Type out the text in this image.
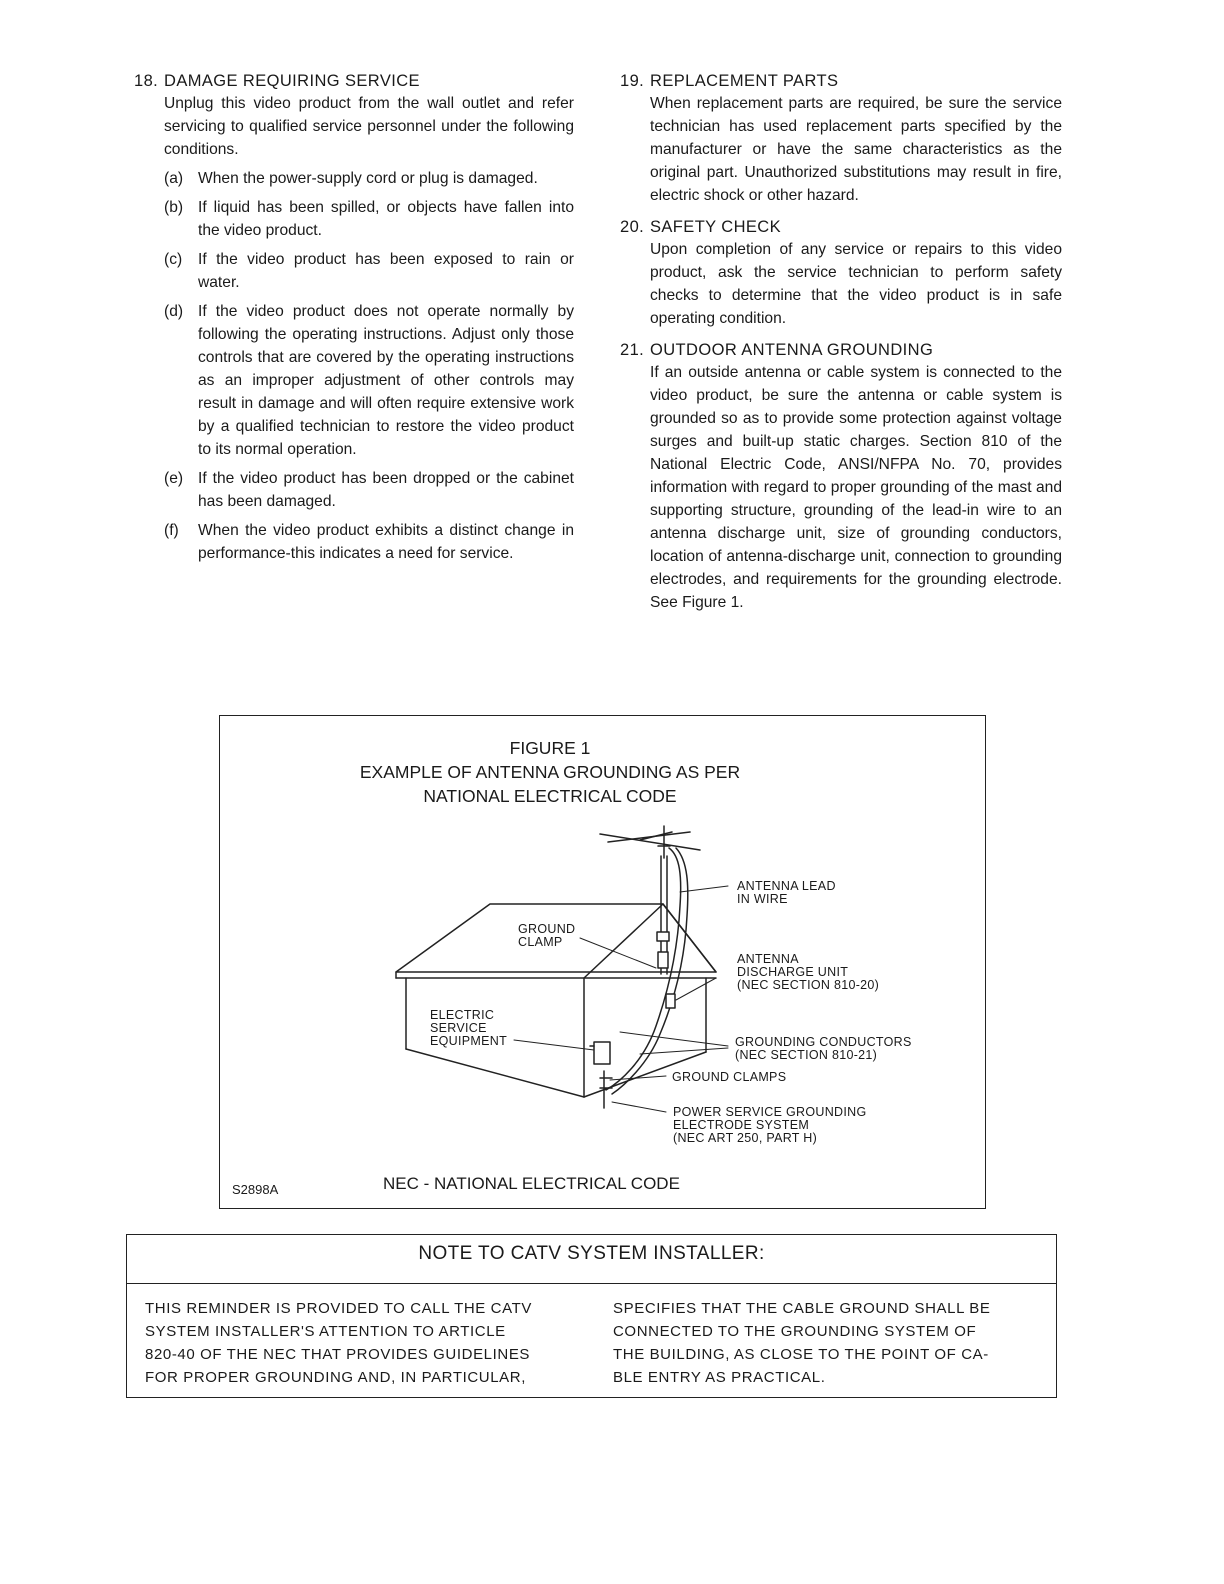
18. DAMAGE REQUIRING SERVICE
Unplug this video product from the wall outlet and refer servicing to qualified service personnel under the following conditions.
(a) When the power-supply cord or plug is damaged.
(b) If liquid has been spilled, or objects have fallen into the video product.
(c)	If the video product has been exposed to rain or water.
(d) If the video product does not operate normally by following the operating instructions. Adjust only those controls that are covered by the operating instructions as an improper adjustment of other controls may result in damage and will often require extensive work by a qualified technician to restore the video product to its normal operation.
(e) If the video product has been dropped or the cabinet has been damaged.
(f)	When the video product exhibits a distinct change in performance-this indicates a need for service.
19. REPLACEMENT PARTS
When replacement parts are required, be sure the service technician has used replacement parts specified by the manufacturer or have the same characteristics as the original part. Unauthorized substitutions may result in fire, electric shock or other hazard.
20. SAFETY CHECK
Upon completion of any service or repairs to this video product, ask the service technician to perform safety checks to determine that the video product is in safe operating condition.
21. OUTDOOR ANTENNA GROUNDING
If an outside antenna or cable system is connected to the video product, be sure the antenna or cable system is grounded so as to provide some protection against voltage surges and built-up static charges. Section 810 of the National Electric Code, ANSI/NFPA No. 70, provides information with regard to proper grounding of the mast and supporting structure, grounding of the lead-in wire to an antenna discharge unit, size of grounding conductors, location of antenna-discharge unit, connection to grounding electrodes, and requirements for the grounding electrode. See Figure 1.
FIGURE 1
EXAMPLE OF ANTENNA GROUNDING AS PER
NATIONAL ELECTRICAL CODE
ANTENNA LEAD
IN WIRE
GROUND
CLAMP
ANTENNA
DISCHARGE UNIT
(NEC SECTION 810-20)
ELECTRIC
SERVICE
EQUIPMENT	GROUNDING CONDUCTORS
(NEC SECTION 810-21)
GROUND CLAMPS
POWER SERVICE GROUNDING
ELECTRODE SYSTEM
(NEC ART 250, PART H)
S2898A	NEC - NATIONAL ELECTRICAL CODE
NOTE TO CATV SYSTEM INSTALLER:
THIS REMINDER IS PROVIDED TO CALL THE CATV
SYSTEM INSTALLER'S ATTENTION TO ARTICLE
820-40 OF THE NEC THAT PROVIDES GUIDELINES
FOR PROPER GROUNDING AND, IN PARTICULAR,
SPECIFIES THAT THE CABLE GROUND SHALL BE
CONNECTED TO THE GROUNDING SYSTEM OF
THE BUILDING, AS CLOSE TO THE POINT OF CA-
BLE ENTRY AS PRACTICAL.
